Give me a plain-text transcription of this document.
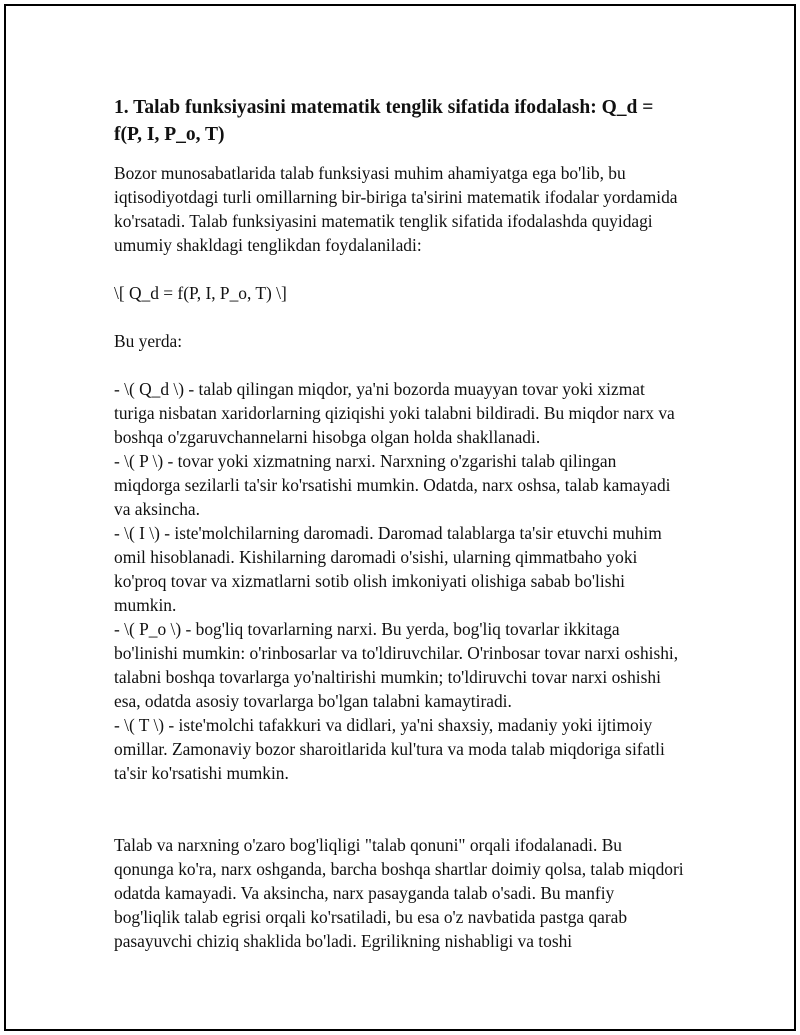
1. Talab funksiyasini matematik tenglik sifatida ifodalash: Q_d = f(P, I, P_o, T)

Bozor munosabatlarida talab funksiyasi muhim ahamiyatga ega bo'lib, bu iqtisodiyotdagi turli omillarning bir-biriga ta'sirini matematik ifodalar yordamida ko'rsatadi. Talab funksiyasini matematik tenglik sifatida ifodalashda quyidagi umumiy shakldagi tenglikdan foydalaniladi:

\[ Q_d = f(P, I, P_o, T) \]

Bu yerda:

- \( Q_d \) - talab qilingan miqdor, ya'ni bozorda muayyan tovar yoki xizmat turiga nisbatan xaridorlarning qiziqishi yoki talabni bildiradi. Bu miqdor narx va boshqa o'zgaruvchannelarni hisobga olgan holda shakllanadi.
- \( P \) - tovar yoki xizmatning narxi. Narxning o'zgarishi talab qilingan miqdorga sezilarli ta'sir ko'rsatishi mumkin. Odatda, narx oshsa, talab kamayadi va aksincha.
- \( I \) - iste'molchilarning daromadi. Daromad talablarga ta'sir etuvchi muhim omil hisoblanadi. Kishilarning daromadi o'sishi, ularning qimmatbaho yoki ko'proq tovar va xizmatlarni sotib olish imkoniyati olishiga sabab bo'lishi mumkin.
- \( P_o \) - bog'liq tovarlarning narxi. Bu yerda, bog'liq tovarlar ikkitaga bo'linishi mumkin: o'rinbosarlar va to'ldiruvchilar. O'rinbosar tovar narxi oshishi, talabni boshqa tovarlarga yo'naltirishi mumkin; to'ldiruvchi tovar narxi oshishi esa, odatda asosiy tovarlarga bo'lgan talabni kamaytiradi.
- \( T \) - iste'molchi tafakkuri va didlari, ya'ni shaxsiy, madaniy yoki ijtimoiy omillar. Zamonaviy bozor sharoitlarida kul'tura va moda talab miqdoriga sifatli ta'sir ko'rsatishi mumkin.

Talab va narxning o'zaro bog'liqligi "talab qonuni" orqali ifodalanadi. Bu qonunga ko'ra, narx oshganda, barcha boshqa shartlar doimiy qolsa, talab miqdori odatda kamayadi. Va aksincha, narx pasayganda talab o'sadi. Bu manfiy bog'liqlik talab egrisi orqali ko'rsatiladi, bu esa o'z navbatida pastga qarab pasayuvchi chiziq shaklida bo'ladi. Egrilikning nishabligi va toshi
